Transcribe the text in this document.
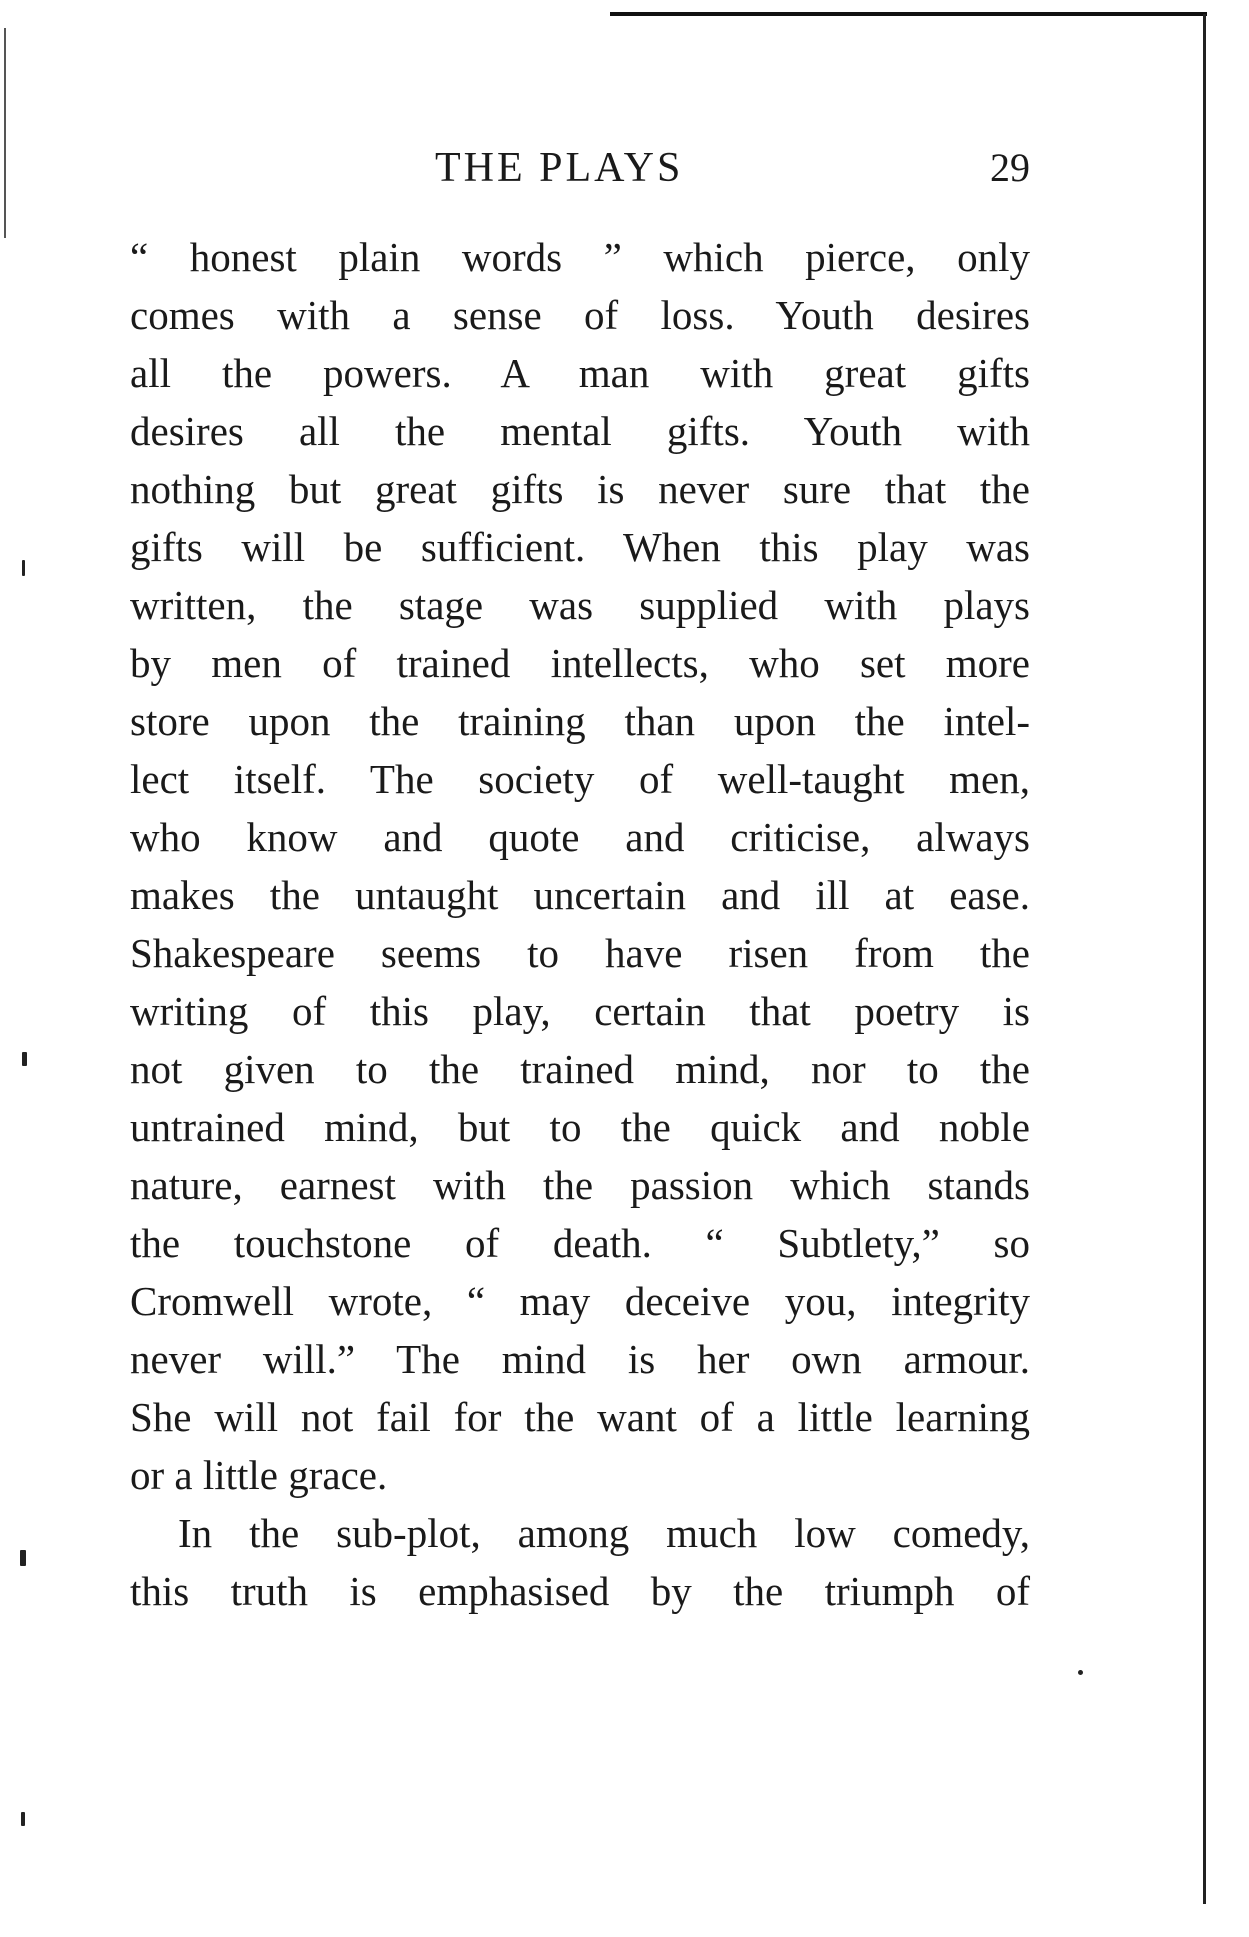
THE PLAYS	29
“ honest plain words ” which pierce, only
comes with a sense of loss. Youth desires
all the powers. A man with great gifts
desires all the mental gifts. Youth with
nothing but great gifts is never sure that the
gifts will be sufficient. When this play was
written, the stage was supplied with plays
by men of trained intellects, who set more
store upon the training than upon the intel-
lect itself. The society of well-taught men,
who know and quote and criticise, always
makes the untaught uncertain and ill at ease.
Shakespeare seems to have risen from the
writing of this play, certain that poetry is
not given to the trained mind, nor to the
untrained mind, but to the quick and noble
nature, earnest with the passion which stands
the touchstone of death. “ Subtlety,” so
Cromwell wrote, “ may deceive you, integrity
never will.” The mind is her own armour.
She will not fail for the want of a little learning
or a little grace.
In the sub-plot, among much low comedy,
this truth is emphasised by the triumph of
